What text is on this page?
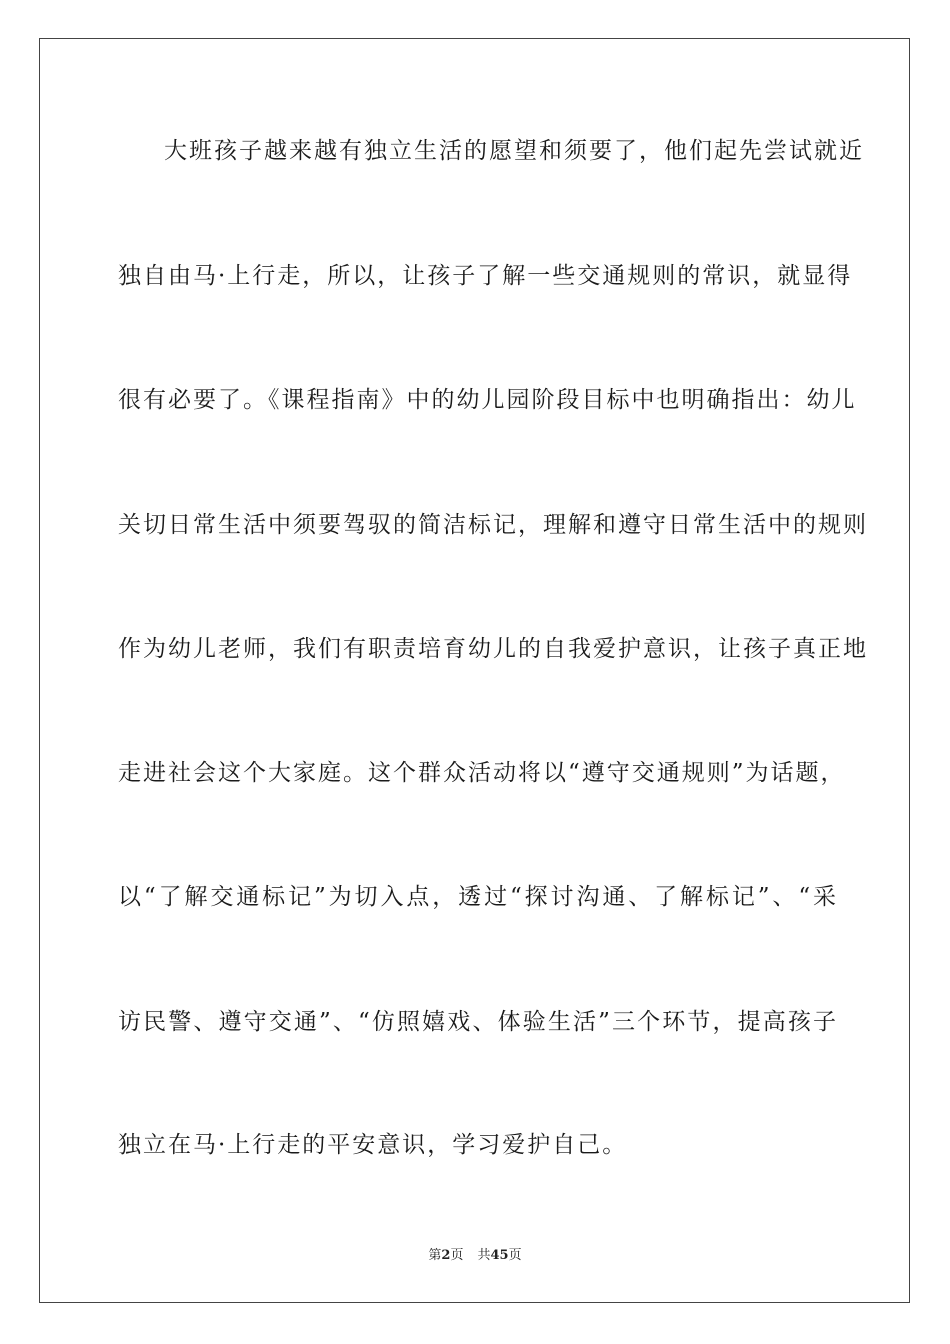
大班孩子越来越有独立生活的愿望和须要了，他们起先尝试就近
独自由马·上行走，所以，让孩子了解一些交通规则的常识，就显得
很有必要了。《课程指南》中的幼儿园阶段目标中也明确指出：幼儿
关切日常生活中须要驾驭的简洁标记，理解和遵守日常生活中的规则
作为幼儿老师，我们有职责培育幼儿的自我爱护意识，让孩子真正地
走进社会这个大家庭。这个群众活动将以“遵守交通规则”为话题，
以“了解交通标记”为切入点，透过“探讨沟通、了解标记”、“采
访民警、遵守交通”、“仿照嬉戏、体验生活”三个环节，提高孩子
独立在马·上行走的平安意识，学习爱护自己。
第2页 共45页
